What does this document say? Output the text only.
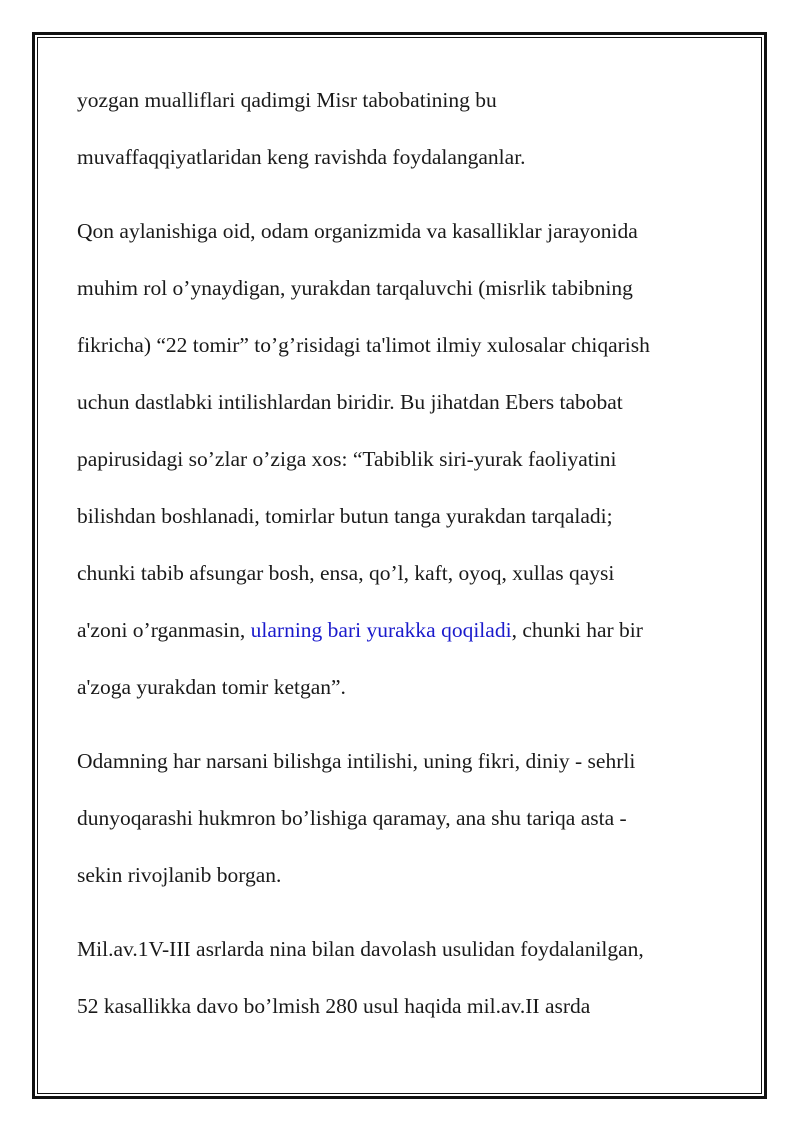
yozgan mualliflari qadimgi Misr tabobatining bu
muvaffaqqiyatlaridan keng ravishda foydalanganlar.
Qon aylanishiga oid, odam organizmida va kasalliklar jarayonida
muhim rol o’ynaydigan, yurakdan tarqaluvchi (misrlik tabibning
fikricha) “22 tomir” to’g’risidagi ta'limot ilmiy xulosalar chiqarish
uchun dastlabki intilishlardan biridir. Bu jihatdan Ebers tabobat
papirusidagi so’zlar o’ziga xos: “Tabiblik siri-yurak faoliyatini
bilishdan boshlanadi, tomirlar butun tanga yurakdan tarqaladi;
chunki tabib afsungar bosh, ensa, qo’l, kaft, oyoq, xullas qaysi
a'zoni o’rganmasin, ularning bari yurakka qoqiladi, chunki har bir
a'zoga yurakdan tomir ketgan”.
Odamning har narsani bilishga intilishi, uning fikri, diniy - sehrli
dunyoqarashi hukmron bo’lishiga qaramay, ana shu tariqa asta -
sekin rivojlanib borgan.
Mil.av.1V-III asrlarda nina bilan davolash usulidan foydalanilgan,
52 kasallikka davo bo’lmish 280 usul haqida mil.av.II asrda
